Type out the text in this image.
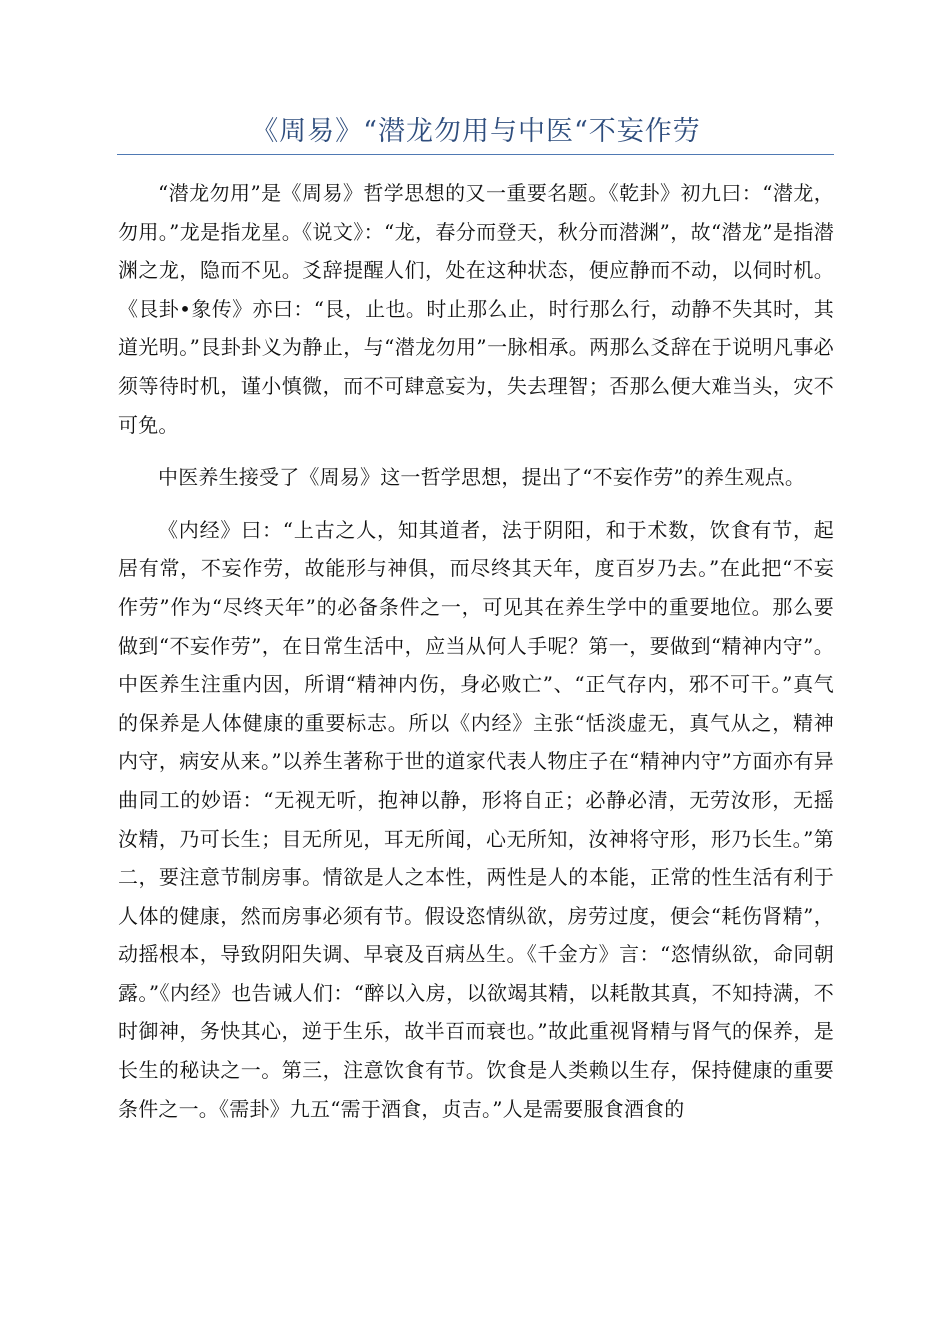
《周易》“潜龙勿用与中医“不妄作劳

“潜龙勿用”是《周易》哲学思想的又一重要名题。《乾卦》初九曰：“潜龙，勿用。”龙是指龙星。《说文》：“龙，春分而登天，秋分而潜渊”，故“潜龙”是指潜渊之龙，隐而不见。爻辞提醒人们，处在这种状态，便应静而不动，以伺时机。《艮卦•象传》亦曰：“艮，止也。时止那么止，时行那么行，动静不失其时，其道光明。”艮卦卦义为静止，与“潜龙勿用”一脉相承。两那么爻辞在于说明凡事必须等待时机，谨小慎微，而不可肆意妄为，失去理智；否那么便大难当头，灾不可免。

中医养生接受了《周易》这一哲学思想，提出了“不妄作劳”的养生观点。

《内经》曰：“上古之人，知其道者，法于阴阳，和于术数，饮食有节，起居有常，不妄作劳，故能形与神俱，而尽终其天年，度百岁乃去。”在此把“不妄作劳”作为“尽终天年”的必备条件之一，可见其在养生学中的重要地位。那么要做到“不妄作劳”，在日常生活中，应当从何人手呢？第一，要做到“精神内守”。中医养生注重内因，所谓“精神内伤，身必败亡”、“正气存内，邪不可干。”真气的保养是人体健康的重要标志。所以《内经》主张“恬淡虚无，真气从之，精神内守，病安从来。”以养生著称于世的道家代表人物庄子在“精神内守”方面亦有异曲同工的妙语：“无视无听，抱神以静，形将自正；必静必清，无劳汝形，无摇汝精，乃可长生；目无所见，耳无所闻，心无所知，汝神将守形，形乃长生。”第二，要注意节制房事。情欲是人之本性，两性是人的本能，正常的性生活有利于人体的健康，然而房事必须有节。假设恣情纵欲，房劳过度，便会“耗伤肾精”，动摇根本，导致阴阳失调、早衰及百病丛生。《千金方》言：“恣情纵欲，命同朝露。”《内经》也告诫人们：“醉以入房，以欲竭其精，以耗散其真，不知持满，不时御神，务快其心，逆于生乐，故半百而衰也。”故此重视肾精与肾气的保养，是长生的秘诀之一。第三，注意饮食有节。饮食是人类赖以生存，保持健康的重要条件之一。《需卦》九五“需于酒食，贞吉。”人是需要服食酒食的
